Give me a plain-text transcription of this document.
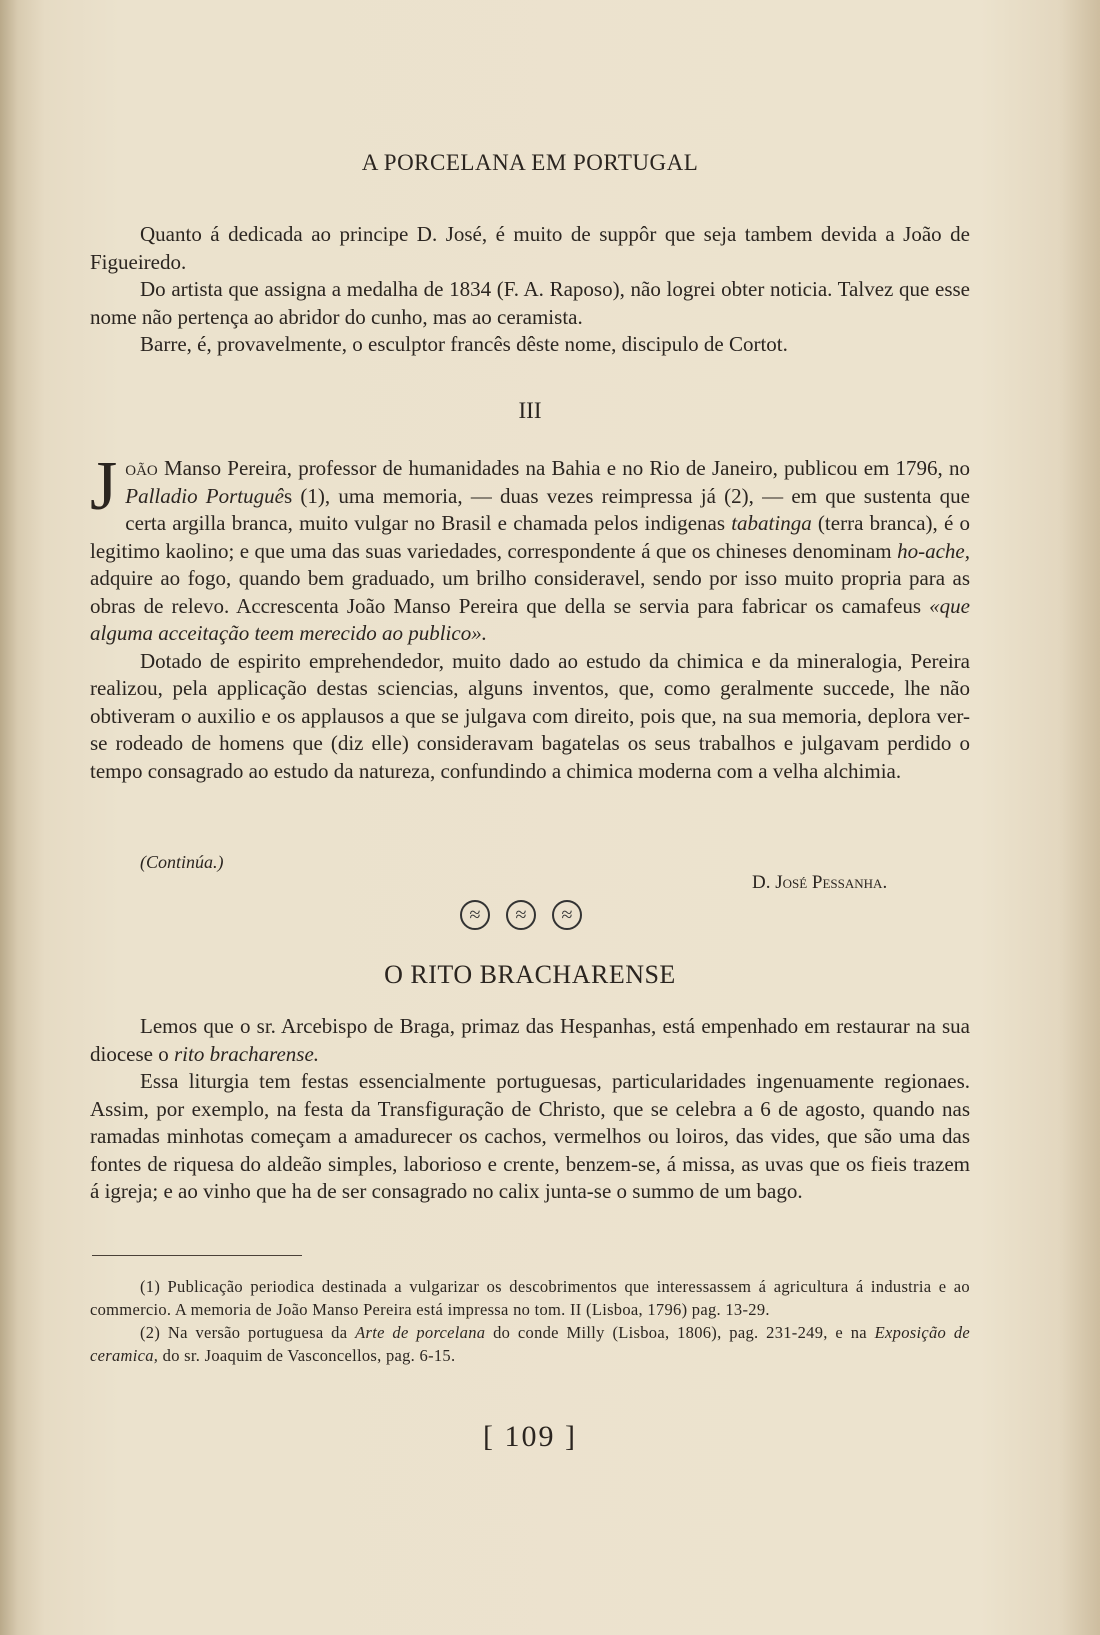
A PORCELANA EM PORTUGAL

Quanto á dedicada ao principe D. José, é muito de suppôr que seja tambem devida a João de Figueiredo.

Do artista que assigna a medalha de 1834 (F. A. Raposo), não logrei obter noticia. Talvez que esse nome não pertença ao abridor do cunho, mas ao ceramista.

Barre, é, provavelmente, o esculptor francês dêste nome, discipulo de Cortot.

III

João Manso Pereira, professor de humanidades na Bahia e no Rio de Janeiro, publicou em 1796, no Palladio Português (1), uma memoria, — duas vezes reimpressa já (2), — em que sustenta que certa argilla branca, muito vulgar no Brasil e chamada pelos indigenas tabatinga (terra branca), é o legitimo kaolino; e que uma das suas variedades, correspondente á que os chineses denominam ho-ache, adquire ao fogo, quando bem graduado, um brilho consideravel, sendo por isso muito propria para as obras de relevo. Accrescenta João Manso Pereira que della se servia para fabricar os camafeus «que alguma acceitação teem merecido ao publico».

Dotado de espirito emprehendedor, muito dado ao estudo da chimica e da mineralogia, Pereira realizou, pela applicação destas sciencias, alguns inventos, que, como geralmente succede, lhe não obtiveram o auxilio e os applausos a que se julgava com direito, pois que, na sua memoria, deplora ver-se rodeado de homens que (diz elle) consideravam bagatelas os seus trabalhos e julgavam perdido o tempo consagrado ao estudo da natureza, confundindo a chimica moderna com a velha alchimia.

(Continúa.)
D. José Pessanha.
≈	≈	≈
O RITO BRACHARENSE

Lemos que o sr. Arcebispo de Braga, primaz das Hespanhas, está empenhado em restaurar na sua diocese o rito bracharense.

Essa liturgia tem festas essencialmente portuguesas, particularidades ingenuamente regionaes. Assim, por exemplo, na festa da Transfiguração de Christo, que se celebra a 6 de agosto, quando nas ramadas minhotas começam a amadurecer os cachos, vermelhos ou loiros, das vides, que são uma das fontes de riquesa do aldeão simples, laborioso e crente, benzem-se, á missa, as uvas que os fieis trazem á igreja; e ao vinho que ha de ser consagrado no calix junta-se o summo de um bago.

(1) Publicação periodica destinada a vulgarizar os descobrimentos que interessassem á agricultura á industria e ao commercio. A memoria de João Manso Pereira está impressa no tom. II (Lisboa, 1796) pag. 13-29.

(2) Na versão portuguesa da Arte de porcelana do conde Milly (Lisboa, 1806), pag. 231-249, e na Exposição de ceramica, do sr. Joaquim de Vasconcellos, pag. 6-15.

[ 109 ]
